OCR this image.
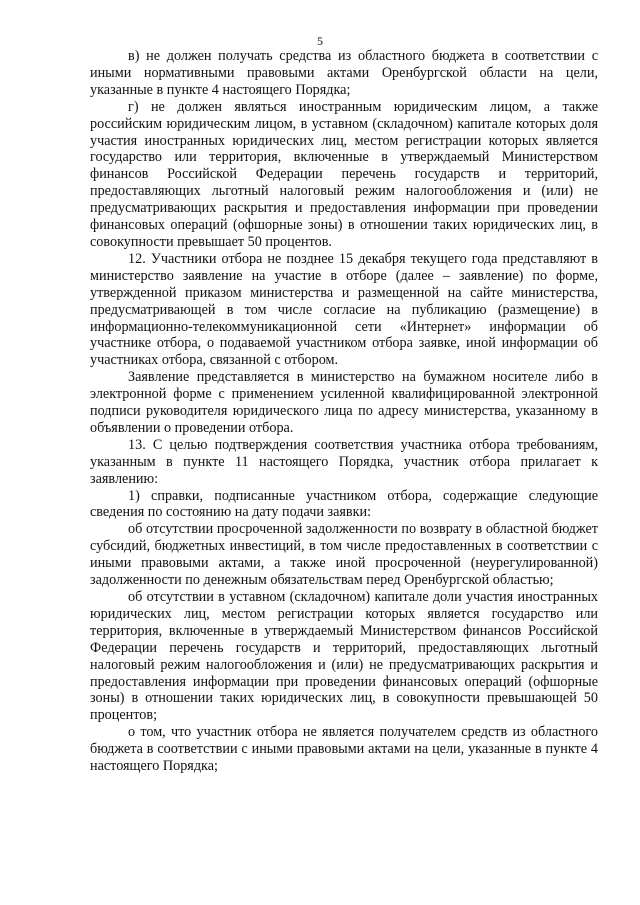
5

в) не должен получать средства из областного бюджета в соответствии с иными нормативными правовыми актами Оренбургской области на цели, указанные в пункте 4 настоящего Порядка;

г) не должен являться иностранным юридическим лицом, а также российским юридическим лицом, в уставном (складочном) капитале которых доля участия иностранных юридических лиц, местом регистрации которых является государство или территория, включенные в утверждаемый Министерством финансов Российской Федерации перечень государств и территорий, предоставляющих льготный налоговый режим налогообложения и (или) не предусматривающих раскрытия и предоставления информации при проведении финансовых операций (офшорные зоны) в отношении таких юридических лиц, в совокупности превышает 50 процентов.

12. Участники отбора не позднее 15 декабря текущего года представляют в министерство заявление на участие в отборе (далее – заявление) по форме, утвержденной приказом министерства и размещенной на сайте министерства, предусматривающей в том числе согласие на публикацию (размещение) в информационно-телекоммуникационной сети «Интернет» информации об участнике отбора, о подаваемой участником отбора заявке, иной информации об участниках отбора, связанной с отбором.

Заявление представляется в министерство на бумажном носителе либо в электронной форме с применением усиленной квалифицированной электронной подписи руководителя юридического лица по адресу министерства, указанному в объявлении о проведении отбора.

13. С целью подтверждения соответствия участника отбора требованиям, указанным в пункте 11 настоящего Порядка, участник отбора прилагает к заявлению:

1) справки, подписанные участником отбора, содержащие следующие сведения по состоянию на дату подачи заявки:

об отсутствии просроченной задолженности по возврату в областной бюджет субсидий, бюджетных инвестиций, в том числе предоставленных в соответствии с иными правовыми актами, а также иной просроченной (неурегулированной) задолженности по денежным обязательствам перед Оренбургской областью;

об отсутствии в уставном (складочном) капитале доли участия иностранных юридических лиц, местом регистрации которых является государство или территория, включенные в утверждаемый Министерством финансов Российской Федерации перечень государств и территорий, предоставляющих льготный налоговый режим налогообложения и (или) не предусматривающих раскрытия и предоставления информации при проведении финансовых операций (офшорные зоны) в отношении таких юридических лиц, в совокупности превышающей 50 процентов;

о том, что участник отбора не является получателем средств из областного бюджета в соответствии с иными правовыми актами на цели, указанные в пункте 4 настоящего Порядка;
